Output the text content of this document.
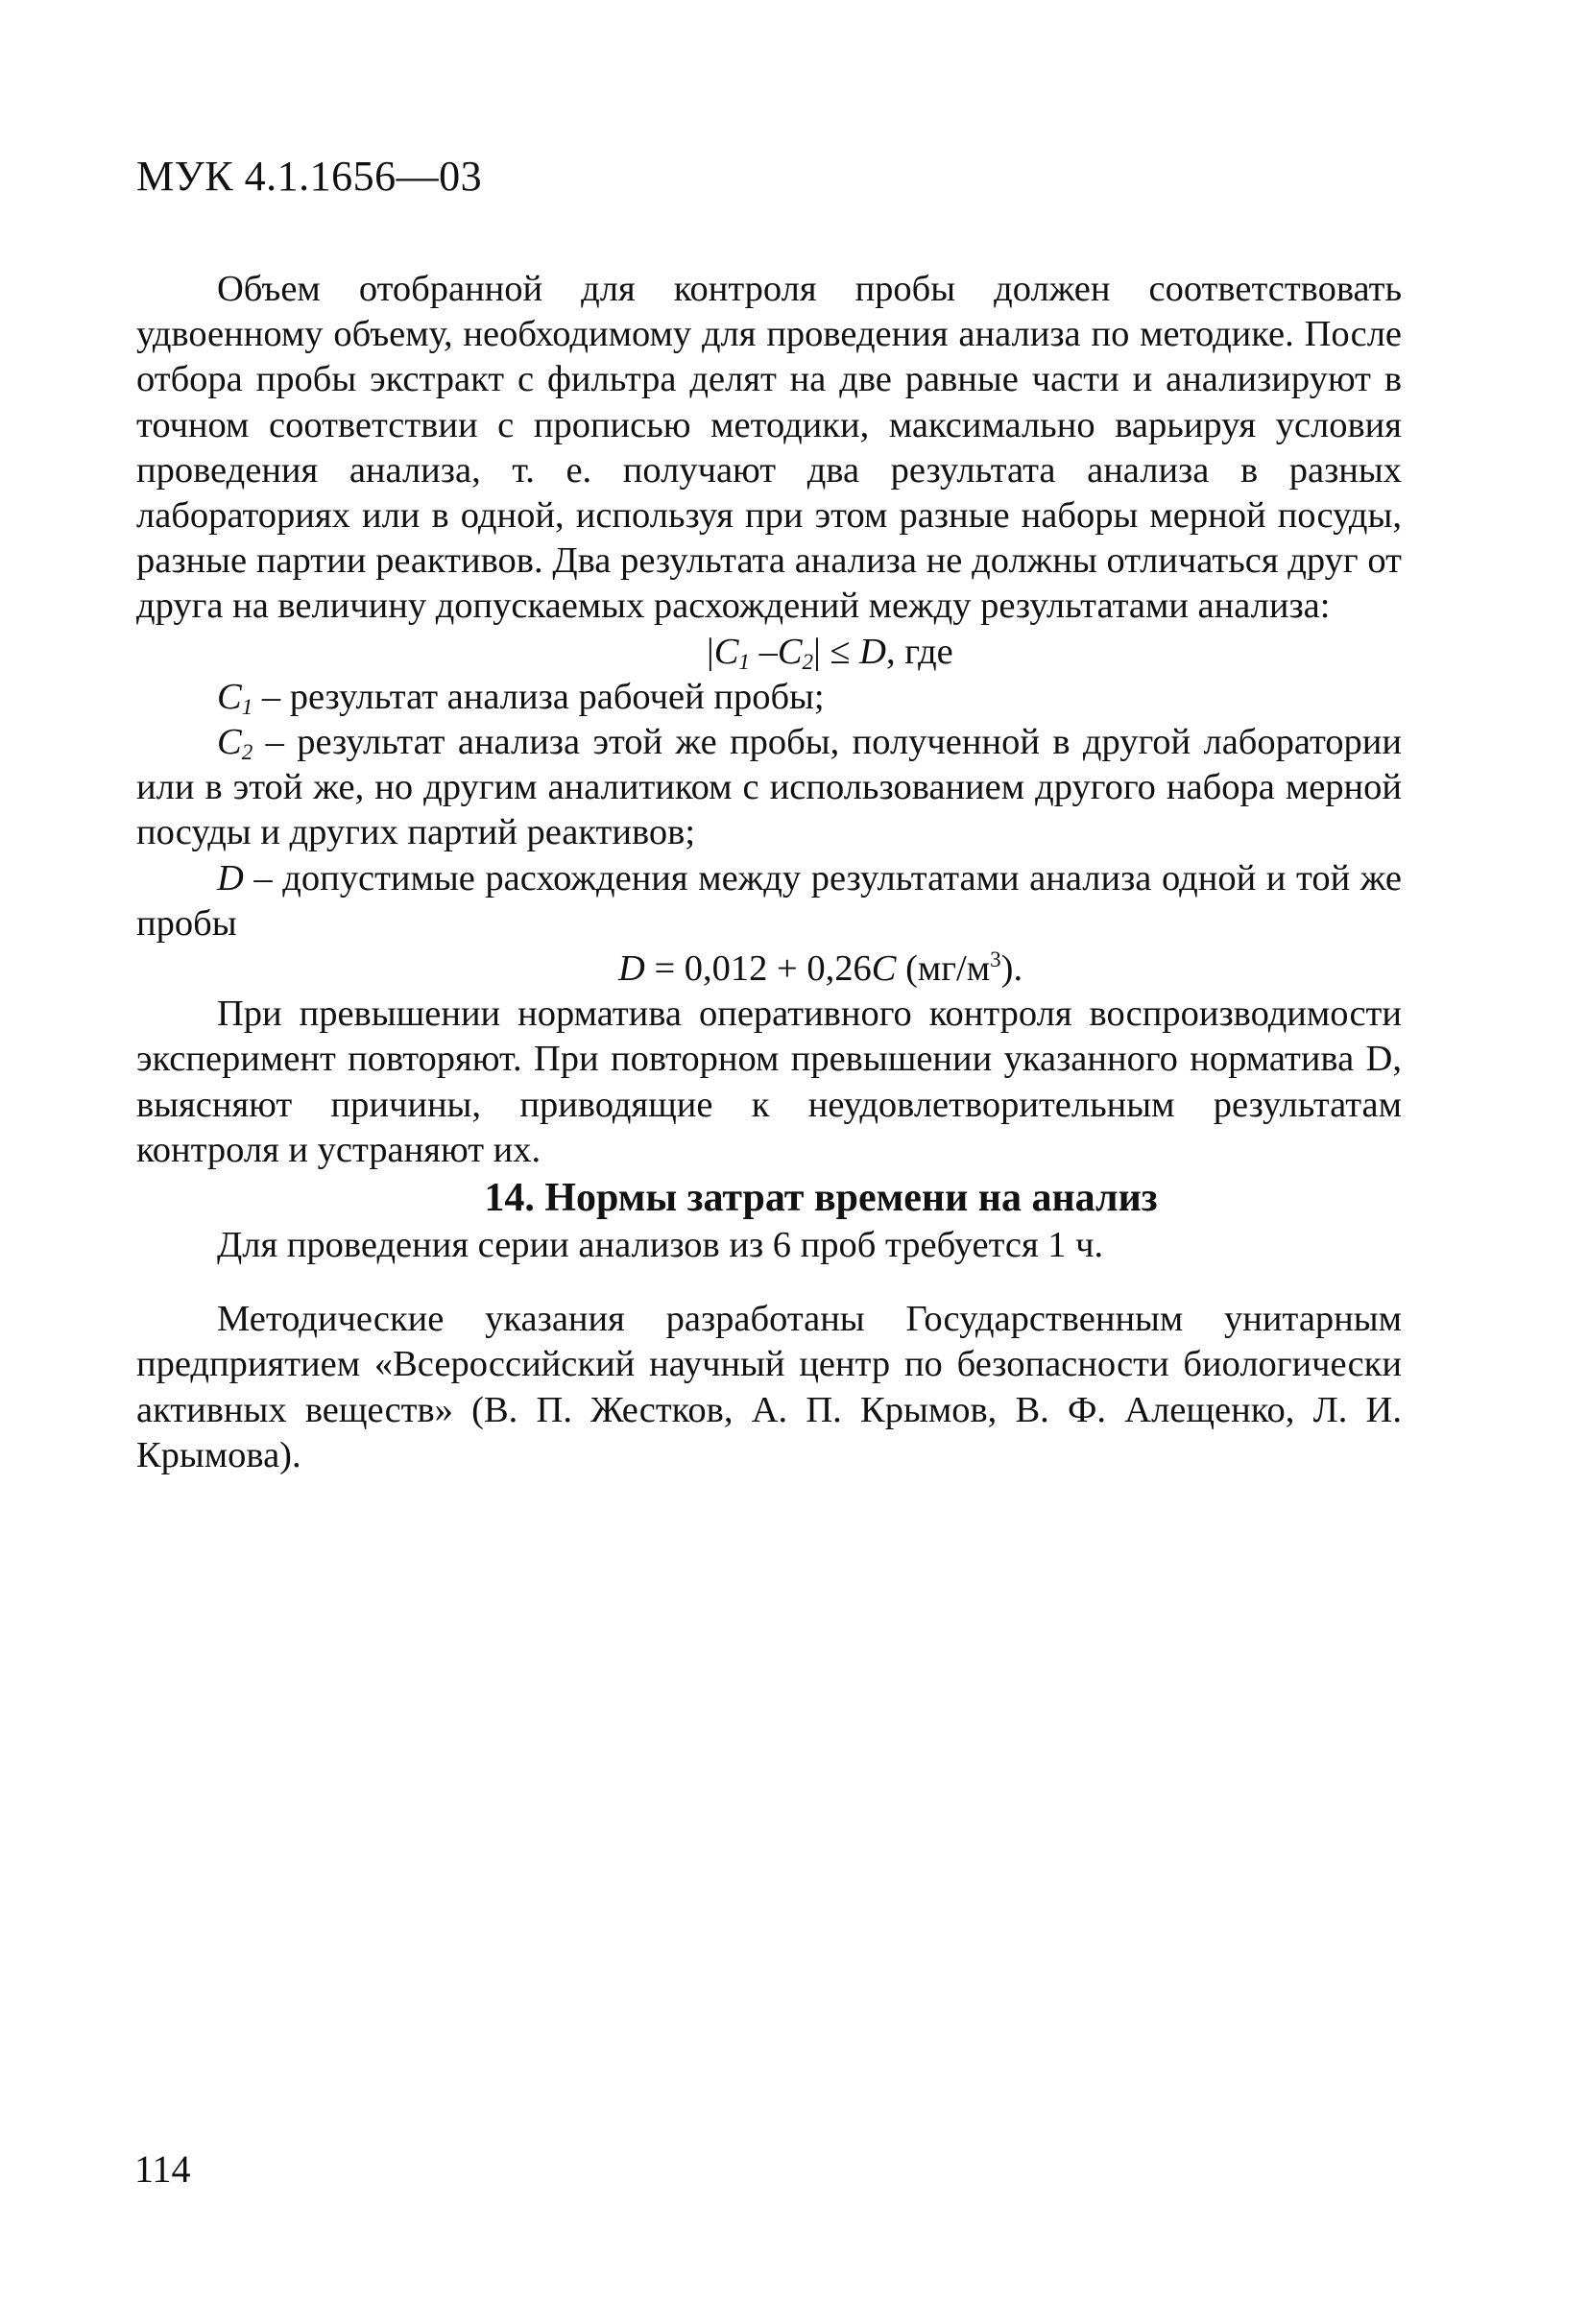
МУК 4.1.1656—03

Объем отобранной для контроля пробы должен соответствовать удвоенному объему, необходимому для проведения анализа по методике. После отбора пробы экстракт с фильтра делят на две равные части и анализируют в точном соответствии с прописью методики, максимально варьируя условия проведения анализа, т. е. получают два результата анализа в разных лабораториях или в одной, используя при этом разные наборы мерной посуды, разные партии реактивов. Два результата анализа не должны отличаться друг от друга на величину допускаемых расхождений между результатами анализа:

$|C_1$ $-C_2| \le D$, где

$C_1$ – результат анализа рабочей пробы;

$C_2$ – результат анализа этой же пробы, полученной в другой лаборатории или в этой же, но другим аналитиком с использованием другого набора мерной посуды и других партий реактивов;

D – допустимые расхождения между результатами анализа одной и той же пробы

D = 0,012 + 0,26C $(мг/м^3)$.

При превышении норматива оперативного контроля воспроизводимости эксперимент повторяют. При повторном превышении указанного норматива D, выясняют причины, приводящие к неудовлетворительным результатам контроля и устраняют их.

14. Нормы затрат времени на анализ

Для проведения серии анализов из 6 проб требуется 1 ч.

Методические указания разработаны Государственным унитарным предприятием «Всероссийский научный центр по безопасности биологически активных веществ» (В. П. Жестков, А. П. Крымов, В. Ф. Алещенко, Л. И. Крымова).

114
